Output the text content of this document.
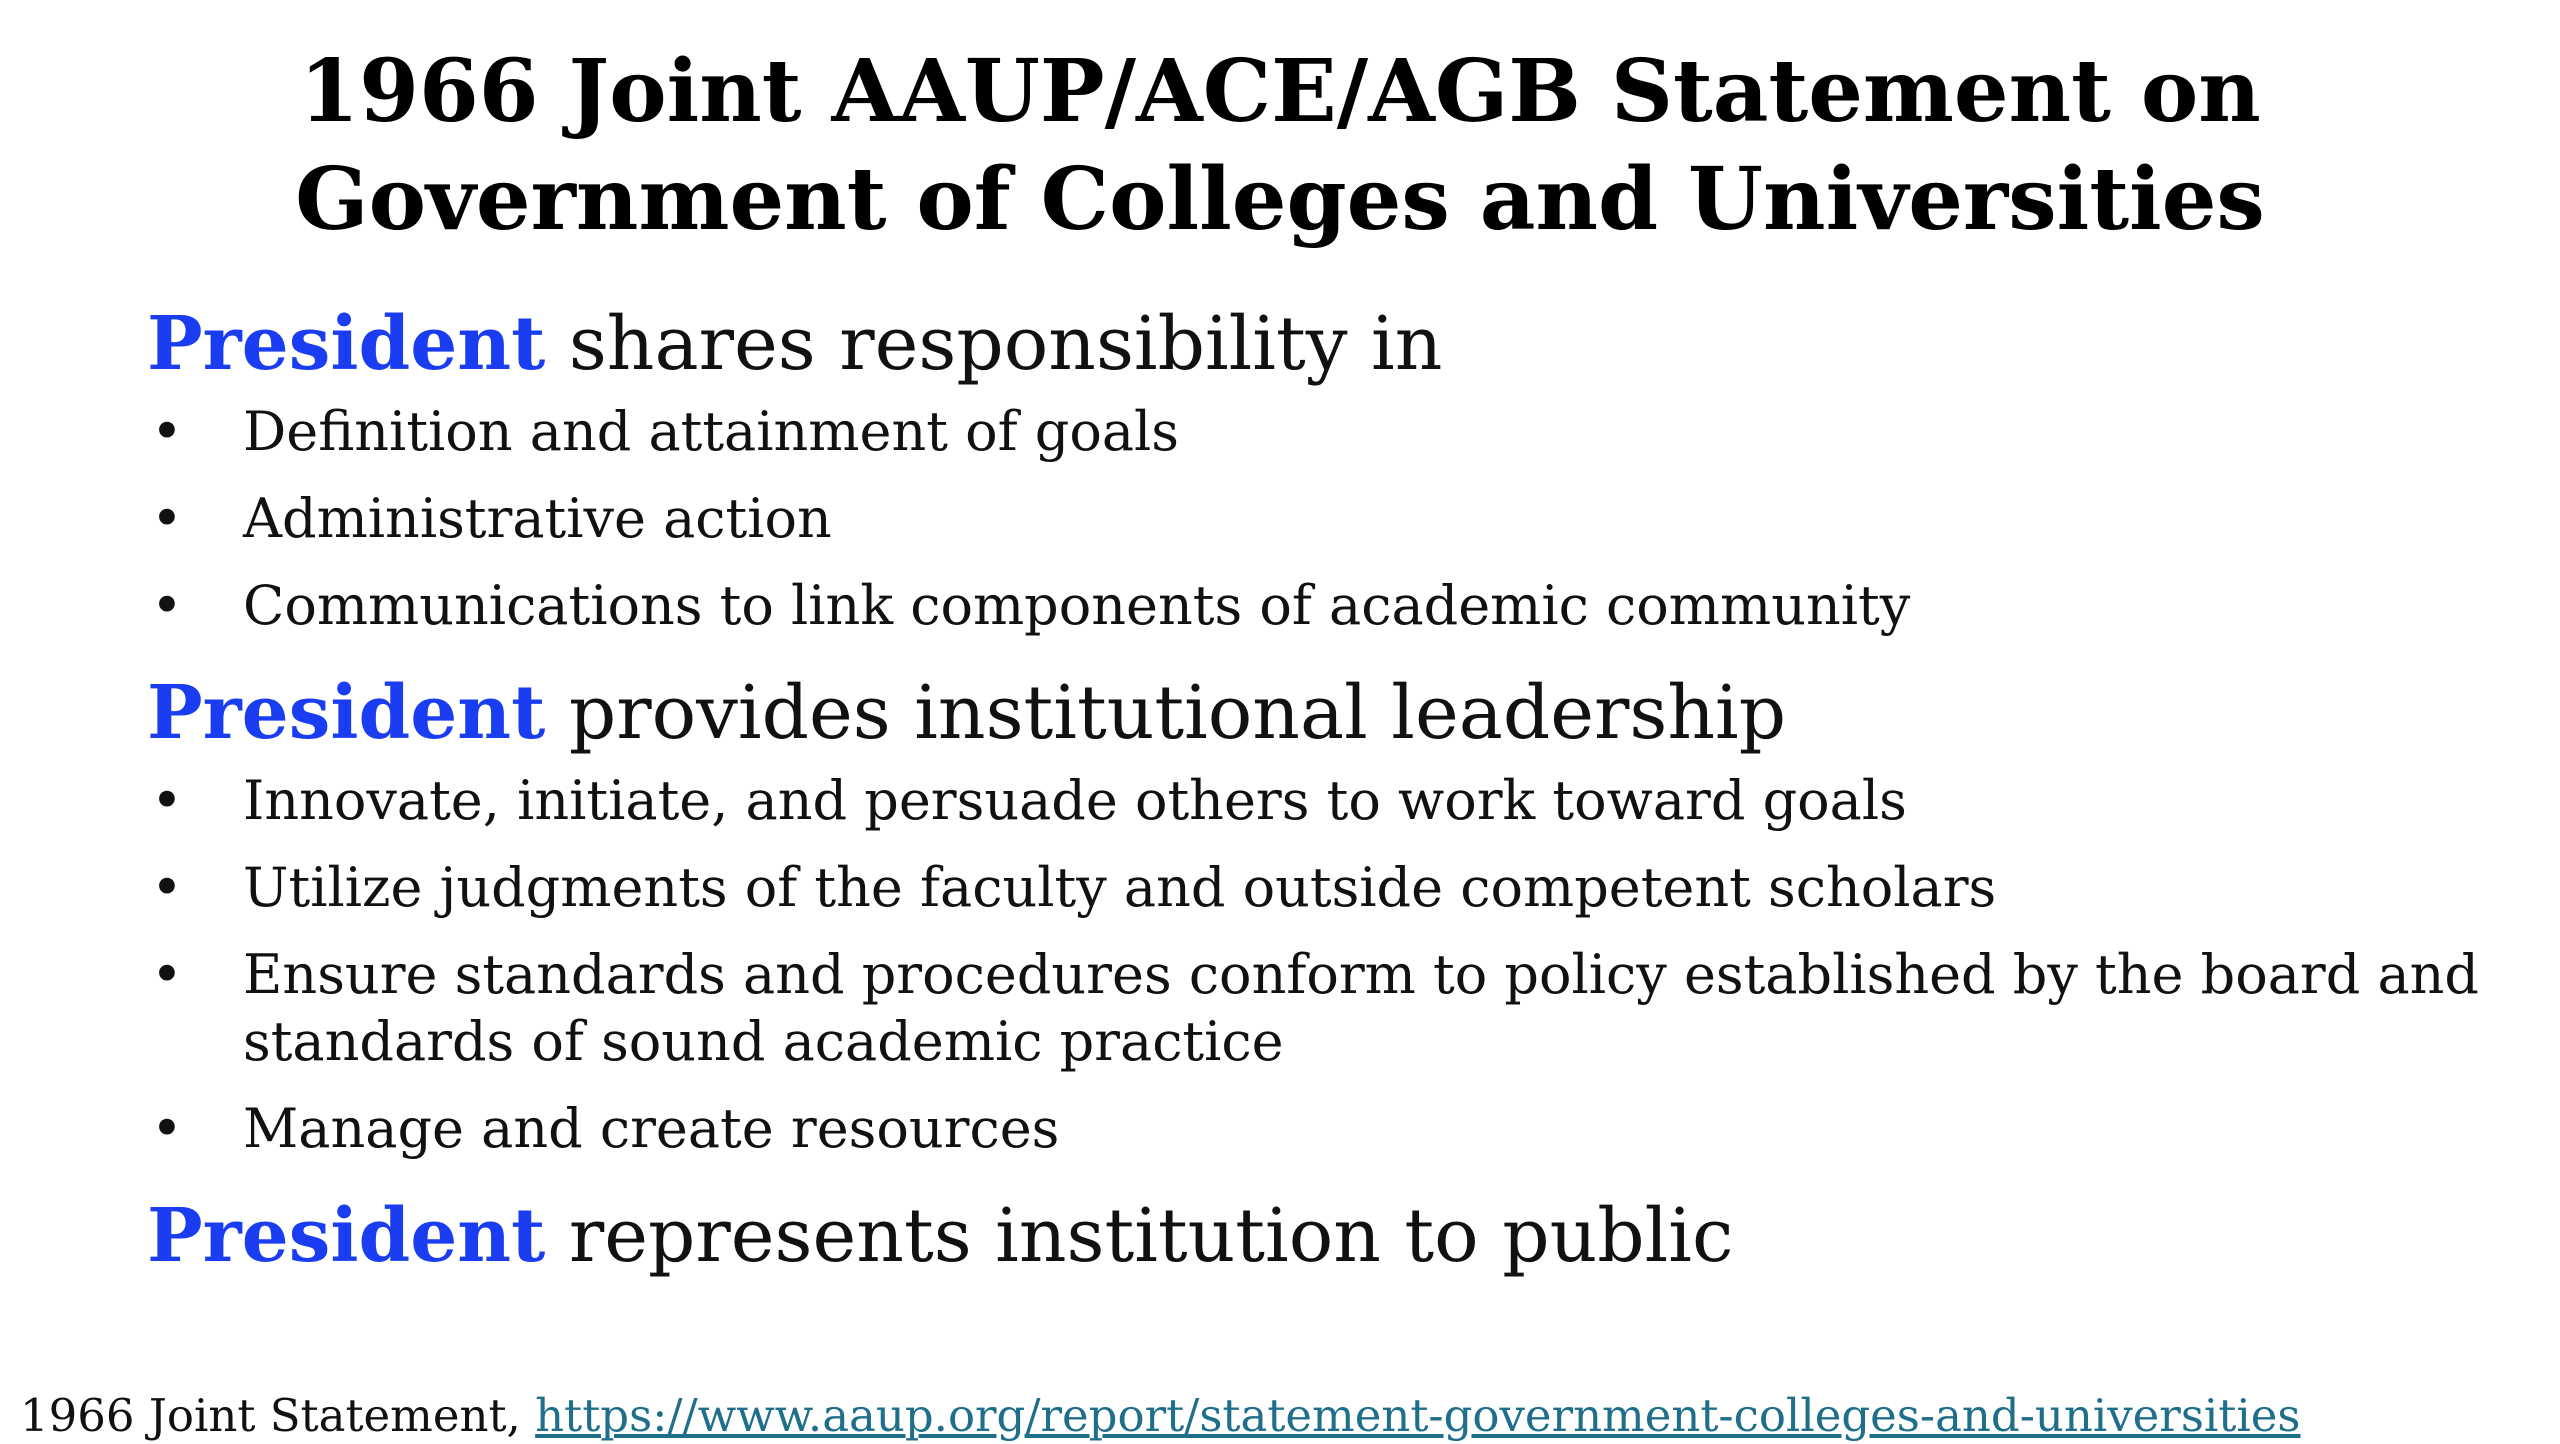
1966 Joint AAUP/ACE/AGB Statement on
Government of Colleges and Universities

President shares responsibility in

• Definition and attainment of goals
• Administrative action
• Communications to link components of academic community

President provides institutional leadership

• Innovate, initiate, and persuade others to work toward goals
• Utilize judgments of the faculty and outside competent scholars
• Ensure standards and procedures conform to policy established by the board and standards of sound academic practice
• Manage and create resources

President represents institution to public

1966 Joint Statement, https://www.aaup.org/report/statement-government-colleges-and-universities
